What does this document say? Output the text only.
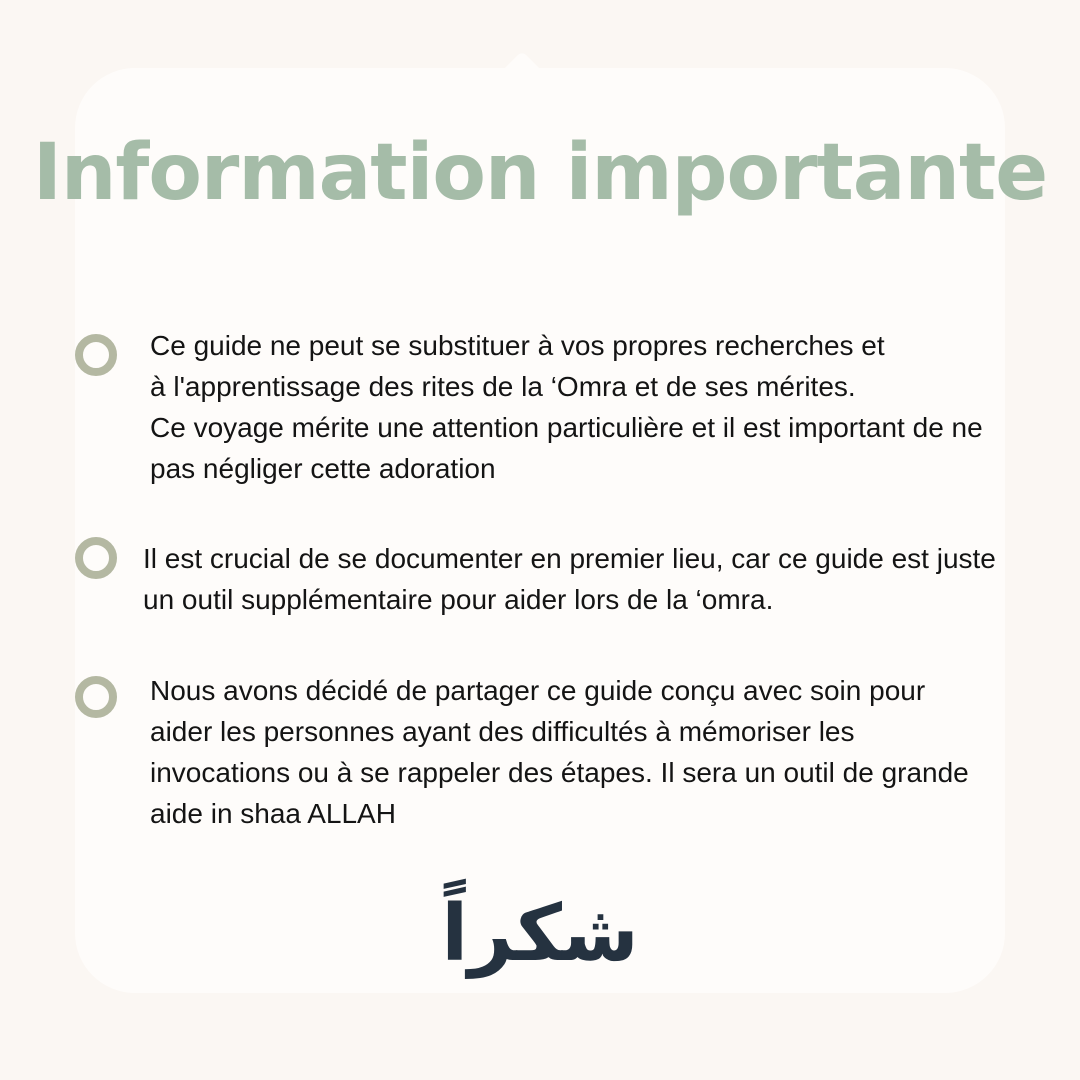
Information importante
Ce guide ne peut se substituer à vos propres recherches et
à l'apprentissage des rites de la ‘Omra et de ses mérites.
Ce voyage mérite une attention particulière et il est important de ne pas négliger cette adoration

Il est crucial de se documenter en premier lieu, car ce guide est juste un outil supplémentaire pour aider lors de la ‘omra.

Nous avons décidé de partager ce guide conçu avec soin pour aider les personnes ayant des difficultés à mémoriser les invocations ou à se rappeler des étapes. Il sera un outil de grande aide in shaa ALLAH

شكراً
